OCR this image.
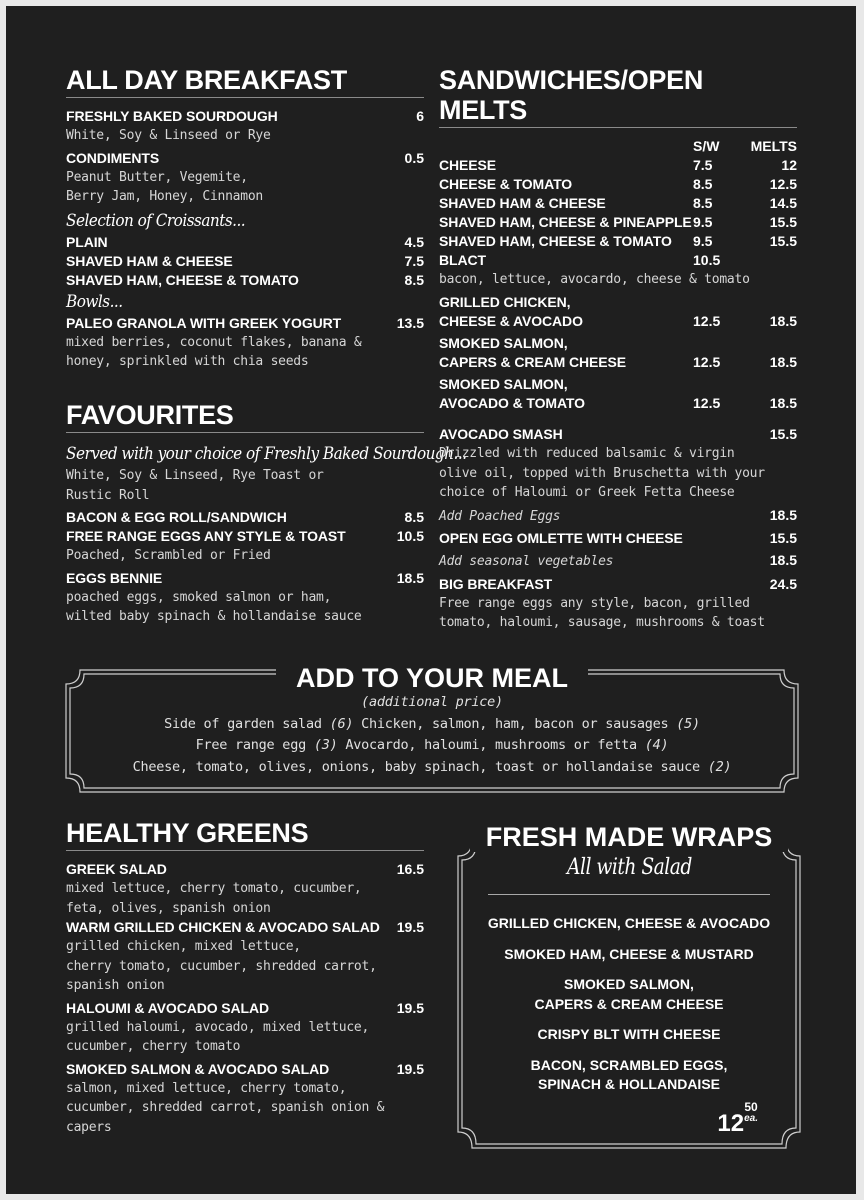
ALL DAY BREAKFAST
FRESHLY BAKED SOURDOUGH	6
White, Soy & Linseed or Rye
CONDIMENTS	0.5
Peanut Butter, Vegemite,
Berry Jam, Honey, Cinnamon
Selection of Croissants...
PLAIN	4.5
SHAVED HAM & CHEESE	7.5
SHAVED HAM, CHEESE & TOMATO	8.5
Bowls...
PALEO GRANOLA WITH GREEK YOGURT	13.5
mixed berries, coconut flakes, banana &
honey, sprinkled with chia seeds
SANDWICHES/OPEN MELTS
S/W	MELTS
CHEESE	7.5	12
CHEESE & TOMATO	8.5	12.5
SHAVED HAM & CHEESE	8.5	14.5
SHAVED HAM, CHEESE & PINEAPPLE 9.5	15.5
SHAVED HAM, CHEESE & TOMATO	9.5	15.5
BLACT	10.5
bacon, lettuce, avocardo, cheese & tomato
GRILLED CHICKEN,
CHEESE & AVOCADO	12.5	18.5
SMOKED SALMON,
CAPERS & CREAM CHEESE	12.5	18.5
SMOKED SALMON,
AVOCADO & TOMATO	12.5	18.5
FAVOURITES
Served with your choice of Freshly Baked Sourdough...
White, Soy & Linseed, Rye Toast or
Rustic Roll
BACON & EGG ROLL/SANDWICH	8.5
FREE RANGE EGGS ANY STYLE & TOAST	10.5
Poached, Scrambled or Fried
EGGS BENNIE	18.5
poached eggs, smoked salmon or ham,
wilted baby spinach & hollandaise sauce
AVOCADO SMASH	15.5
Drizzled with reduced balsamic & virgin
olive oil, topped with Bruschetta with your
choice of Haloumi or Greek Fetta Cheese
Add Poached Eggs	18.5
OPEN EGG OMLETTE WITH CHEESE	15.5
Add seasonal vegetables	18.5
BIG BREAKFAST	24.5
Free range eggs any style, bacon, grilled
tomato, haloumi, sausage, mushrooms & toast
ADD TO YOUR MEAL
(additional price)
Side of garden salad (6) Chicken, salmon, ham, bacon or sausages (5)
Free range egg (3) Avocardo, haloumi, mushrooms or fetta (4)
Cheese, tomato, olives, onions, baby spinach, toast or hollandaise sauce (2)
HEALTHY GREENS
GREEK SALAD	16.5
mixed lettuce, cherry tomato, cucumber,
feta, olives, spanish onion
WARM GRILLED CHICKEN & AVOCADO SALAD 19.5
grilled chicken, mixed lettuce,
cherry tomato, cucumber, shredded carrot,
spanish onion
HALOUMI & AVOCADO SALAD	19.5
grilled haloumi, avocado, mixed lettuce,
cucumber, cherry tomato
SMOKED SALMON & AVOCADO SALAD	19.5
salmon, mixed lettuce, cherry tomato,
cucumber, shredded carrot, spanish onion &
capers
FRESH MADE WRAPS
All with Salad
GRILLED CHICKEN, CHEESE & AVOCADO
SMOKED HAM, CHEESE & MUSTARD
SMOKED SALMON,
CAPERS & CREAM CHEESE
CRISPY BLT WITH CHEESE
BACON, SCRAMBLED EGGS,
SPINACH & HOLLANDAISE
1250
ea.
